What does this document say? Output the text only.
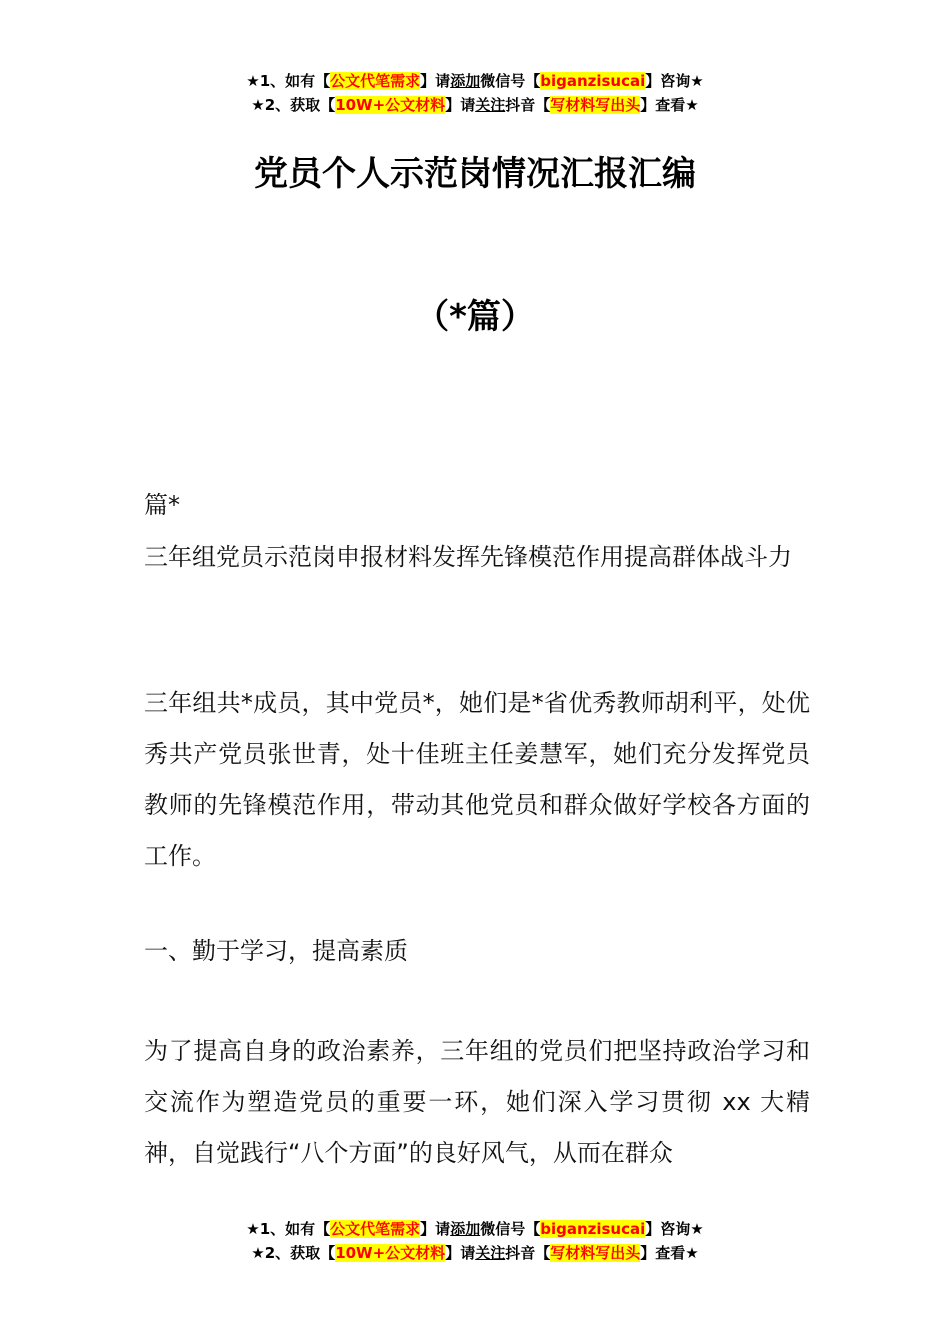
★1、如有【公文代笔需求】请添加微信号【biganzisucai】咨询★
★2、获取【10W+公文材料】请关注抖音【写材料写出头】查看★
党员个人示范岗情况汇报汇编
（*篇）
篇*
三年组党员示范岗申报材料发挥先锋模范作用提高群体战斗力
三年组共*成员，其中党员*，她们是*省优秀教师胡利平，处优秀共产党员张世青，处十佳班主任姜慧军，她们充分发挥党员教师的先锋模范作用，带动其他党员和群众做好学校各方面的工作。
一、勤于学习，提高素质
为了提高自身的政治素养，三年组的党员们把坚持政治学习和交流作为塑造党员的重要一环，她们深入学习贯彻 xx 大精神，自觉践行“八个方面”的良好风气，从而在群众
★1、如有【公文代笔需求】请添加微信号【biganzisucai】咨询★
★2、获取【10W+公文材料】请关注抖音【写材料写出头】查看★
